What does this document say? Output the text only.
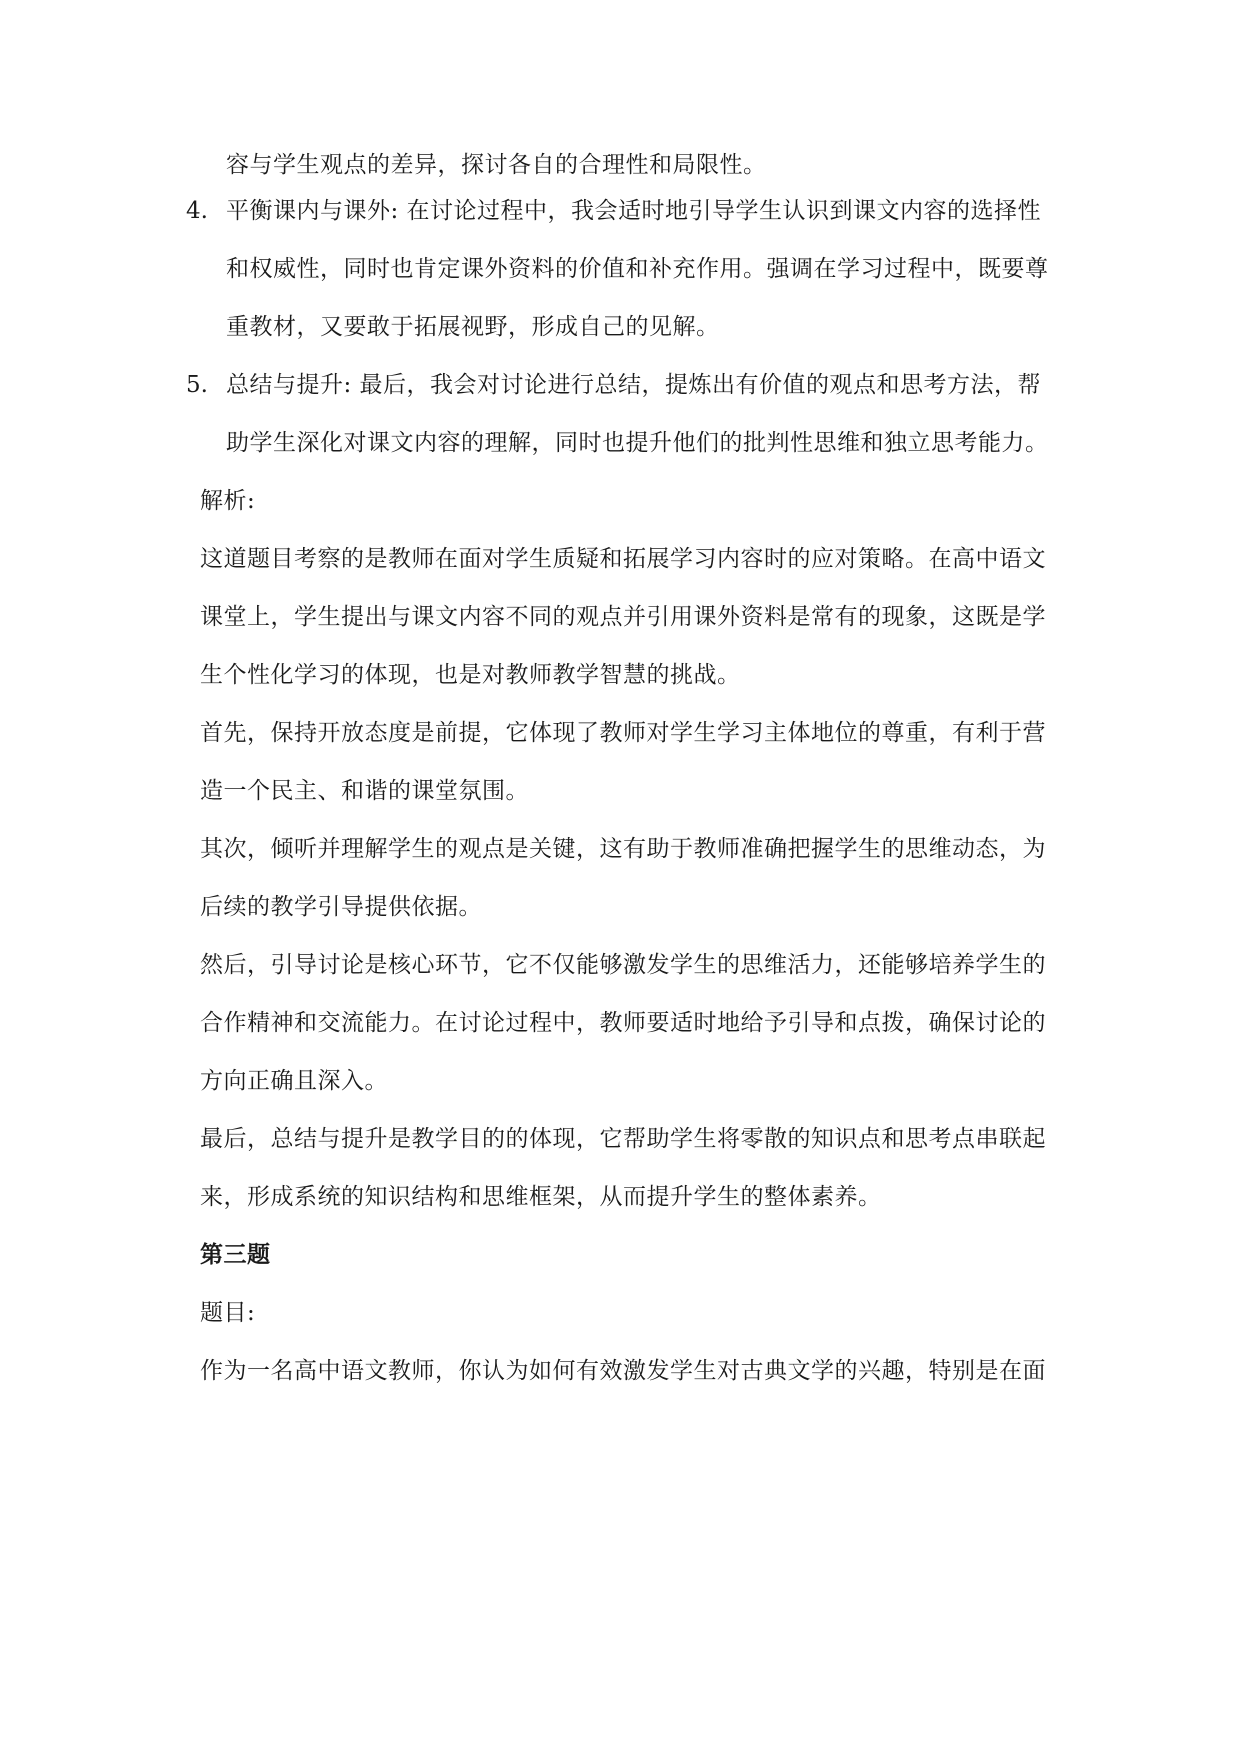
容与学生观点的差异，探讨各自的合理性和局限性。
4. 平衡课内与课外: 在讨论过程中，我会适时地引导学生认识到课文内容的选择性
和权威性，同时也肯定课外资料的价值和补充作用。强调在学习过程中，既要尊
重教材，又要敢于拓展视野，形成自己的见解。
5. 总结与提升: 最后，我会对讨论进行总结，提炼出有价值的观点和思考方法，帮
助学生深化对课文内容的理解，同时也提升他们的批判性思维和独立思考能力。
解析:
这道题目考察的是教师在面对学生质疑和拓展学习内容时的应对策略。在高中语文
课堂上，学生提出与课文内容不同的观点并引用课外资料是常有的现象，这既是学
生个性化学习的体现，也是对教师教学智慧的挑战。
首先，保持开放态度是前提，它体现了教师对学生学习主体地位的尊重，有利于营
造一个民主、和谐的课堂氛围。
其次，倾听并理解学生的观点是关键，这有助于教师准确把握学生的思维动态，为
后续的教学引导提供依据。
然后，引导讨论是核心环节，它不仅能够激发学生的思维活力，还能够培养学生的
合作精神和交流能力。在讨论过程中，教师要适时地给予引导和点拨，确保讨论的
方向正确且深入。
最后，总结与提升是教学目的的体现，它帮助学生将零散的知识点和思考点串联起
来，形成系统的知识结构和思维框架，从而提升学生的整体素养。
第三题
题目:
作为一名高中语文教师，你认为如何有效激发学生对古典文学的兴趣，特别是在面
